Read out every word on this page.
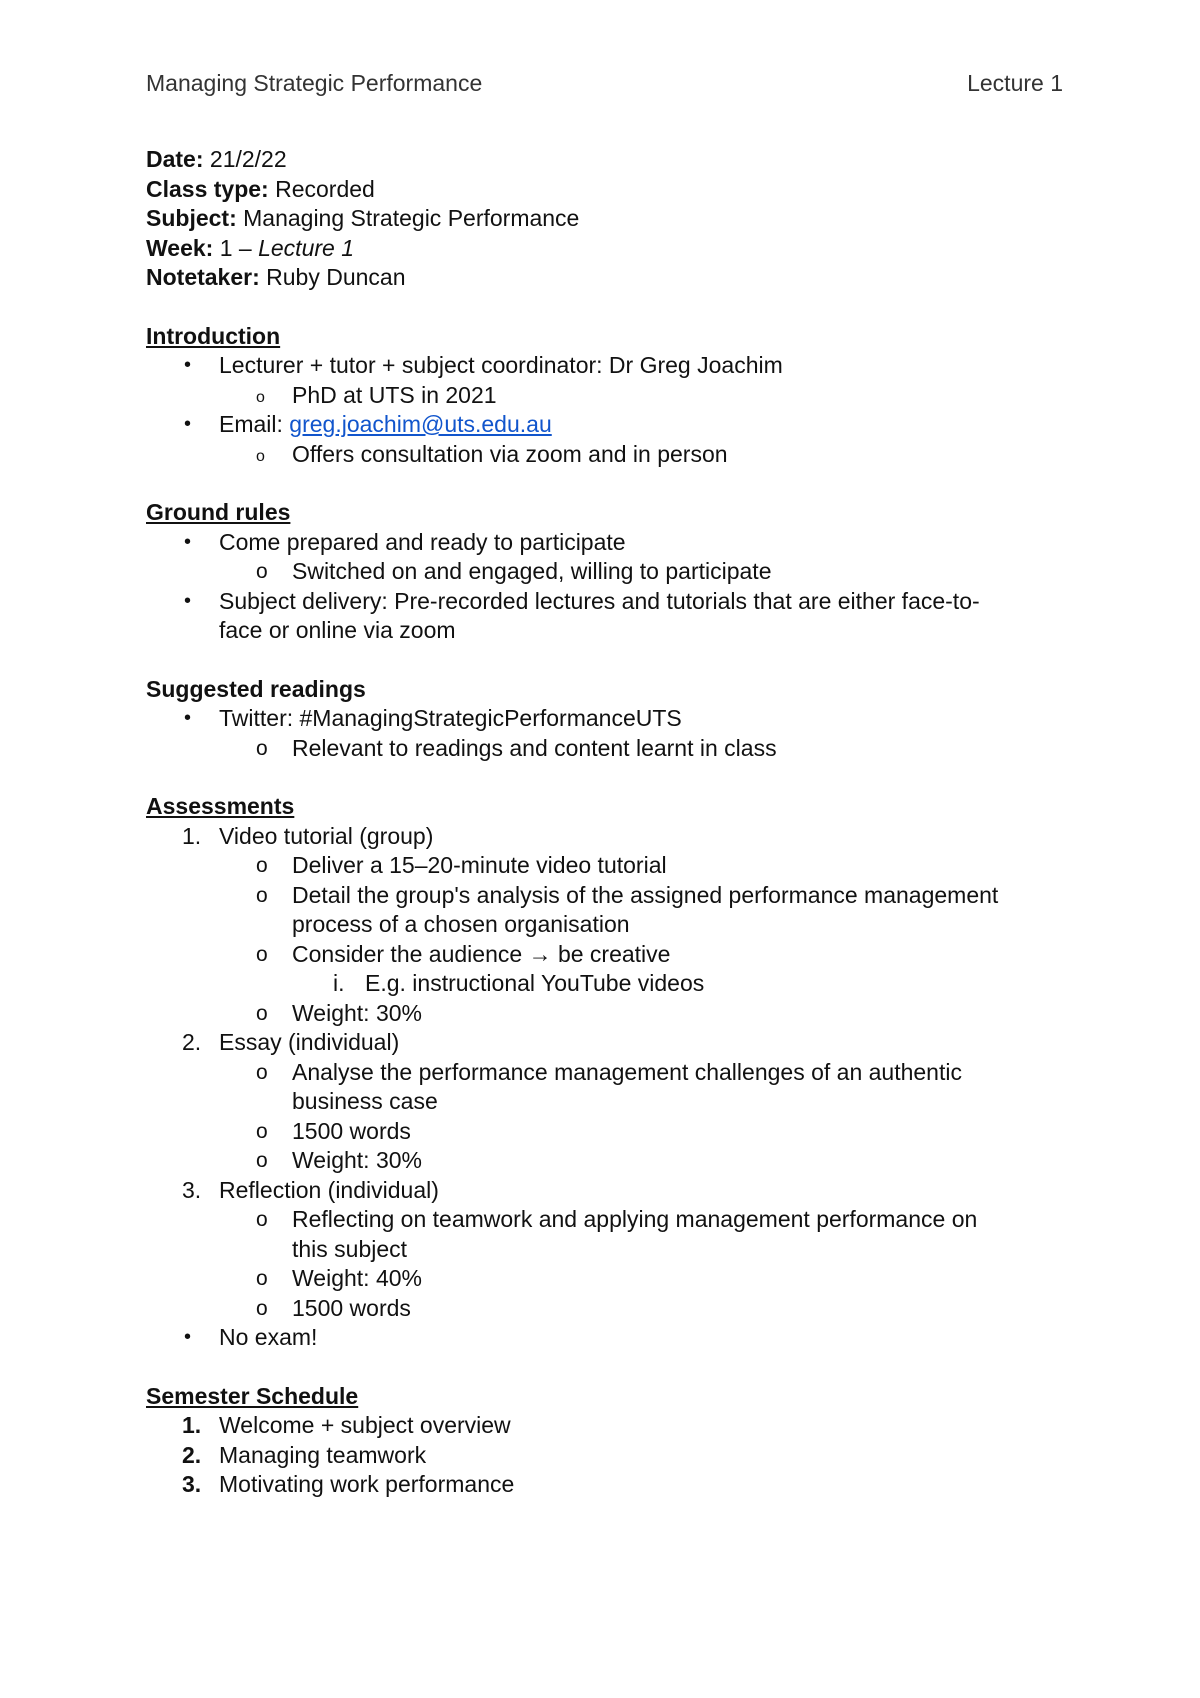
Managing Strategic Performance	Lecture 1

Date: 21/2/22

Class type: Recorded

Subject: Managing Strategic Performance

Week: 1 – Lecture 1

Notetaker: Ruby Duncan

Introduction
• Lecturer + tutor + subject coordinator: Dr Greg Joachim
o PhD at UTS in 2021
• Email: greg.joachim@uts.edu.au
o Offers consultation via zoom and in person
Ground rules
• Come prepared and ready to participate
o Switched on and engaged, willing to participate
• Subject delivery: Pre-recorded lectures and tutorials that are either face-to-
face or online via zoom
Suggested readings
• Twitter: #ManagingStrategicPerformanceUTS
o Relevant to readings and content learnt in class
Assessments
1. Video tutorial (group)
o Deliver a 15–20-minute video tutorial
o Detail the group's analysis of the assigned performance management
process of a chosen organisation
o Consider the audience → be creative
i. E.g. instructional YouTube videos
o Weight: 30%
2. Essay (individual)
o Analyse the performance management challenges of an authentic
business case
o 1500 words
o Weight: 30%
3. Reflection (individual)
o Reflecting on teamwork and applying management performance on
this subject
o Weight: 40%
o 1500 words
• No exam!
Semester Schedule
1. Welcome + subject overview
2. Managing teamwork
3. Motivating work performance
